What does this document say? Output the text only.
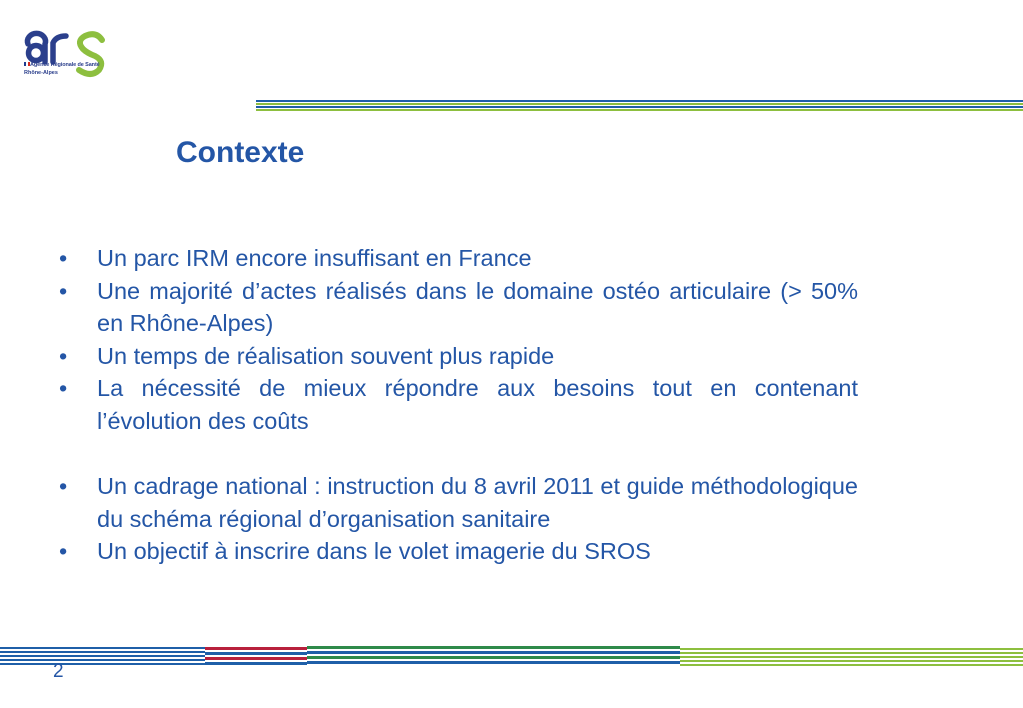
Agence Régionale de Santé
Rhône-Alpes
Contexte
• Un parc IRM encore insuffisant en France
• Une majorité d’actes réalisés dans le domaine ostéo articulaire (> 50% en Rhône-Alpes)
• Un temps de réalisation souvent plus rapide
• La nécessité de mieux répondre aux besoins tout en contenant l’évolution des coûts
• Un cadrage national : instruction du 8 avril 2011 et guide méthodologique du schéma régional d’organisation sanitaire
• Un objectif à inscrire dans le volet imagerie du SROS
2
